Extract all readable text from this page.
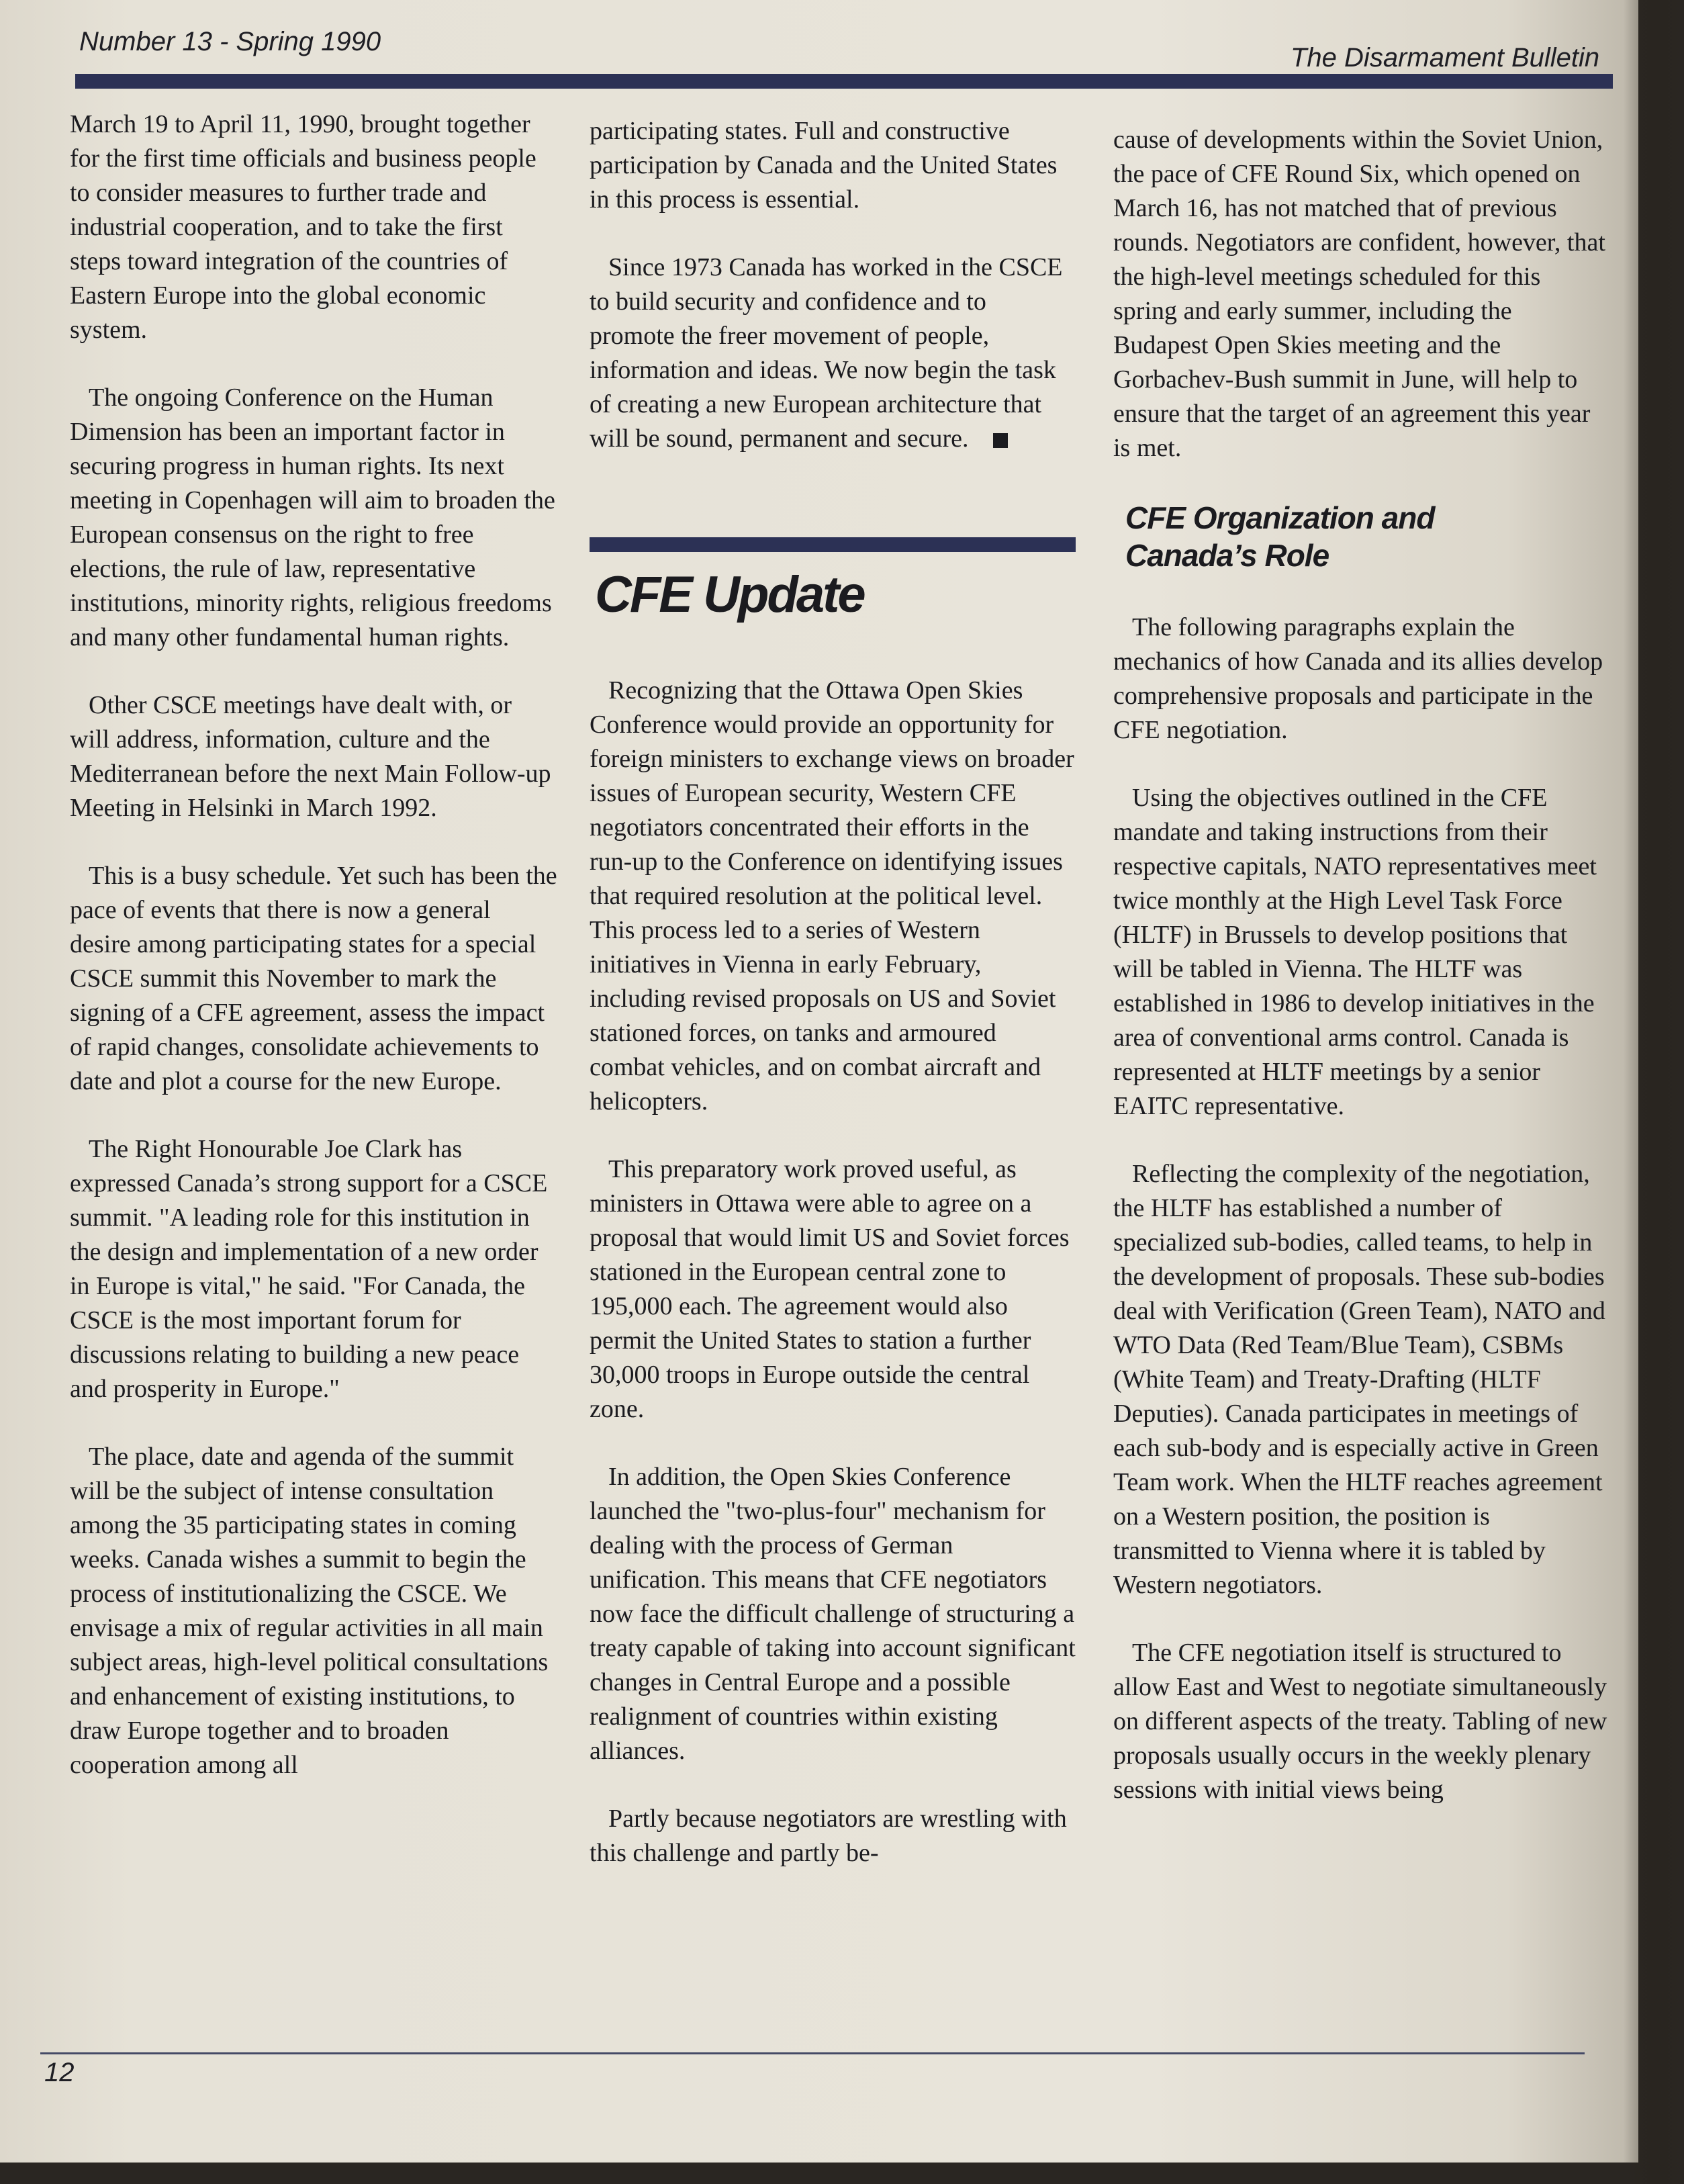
Number 13 - Spring 1990
The Disarmament Bulletin

March 19 to April 11, 1990, brought together for the first time officials and business people to consider measures to further trade and industrial cooperation, and to take the first steps toward integration of the countries of Eastern Europe into the global economic system.

The ongoing Conference on the Human Dimension has been an important factor in securing progress in human rights. Its next meeting in Copenhagen will aim to broaden the European consensus on the right to free elections, the rule of law, representative institutions, minority rights, religious freedoms and many other fundamental human rights.

Other CSCE meetings have dealt with, or will address, information, culture and the Mediterranean before the next Main Follow-up Meeting in Helsinki in March 1992.

This is a busy schedule. Yet such has been the pace of events that there is now a general desire among participating states for a special CSCE summit this November to mark the signing of a CFE agreement, assess the impact of rapid changes, consolidate achievements to date and plot a course for the new Europe.

The Right Honourable Joe Clark has expressed Canada’s strong support for a CSCE summit. "A leading role for this institution in the design and implementation of a new order in Europe is vital," he said. "For Canada, the CSCE is the most important forum for discussions relating to building a new peace and prosperity in Europe."

The place, date and agenda of the summit will be the subject of intense consultation among the 35 participating states in coming weeks. Canada wishes a summit to begin the process of institutionalizing the CSCE. We envisage a mix of regular activities in all main subject areas, high-level political consultations and enhancement of existing institutions, to draw Europe together and to broaden cooperation among all

participating states. Full and constructive participation by Canada and the United States in this process is essential.

Since 1973 Canada has worked in the CSCE to build security and confidence and to promote the freer movement of people, information and ideas. We now begin the task of creating a new European architecture that will be sound, permanent and secure.

CFE Update

Recognizing that the Ottawa Open Skies Conference would provide an opportunity for foreign ministers to exchange views on broader issues of European security, Western CFE negotiators concentrated their efforts in the run-up to the Conference on identifying issues that required resolution at the political level. This process led to a series of Western initiatives in Vienna in early February, including revised proposals on US and Soviet stationed forces, on tanks and armoured combat vehicles, and on combat aircraft and helicopters.

This preparatory work proved useful, as ministers in Ottawa were able to agree on a proposal that would limit US and Soviet forces stationed in the European central zone to 195,000 each. The agreement would also permit the United States to station a further 30,000 troops in Europe outside the central zone.

In addition, the Open Skies Conference launched the "two-plus-four" mechanism for dealing with the process of German unification. This means that CFE negotiators now face the difficult challenge of structuring a treaty capable of taking into account significant changes in Central Europe and a possible realignment of countries within existing alliances.

Partly because negotiators are wrestling with this challenge and partly be-

cause of developments within the Soviet Union, the pace of CFE Round Six, which opened on March 16, has not matched that of previous rounds. Negotiators are confident, however, that the high-level meetings scheduled for this spring and early summer, including the Budapest Open Skies meeting and the Gorbachev-Bush summit in June, will help to ensure that the target of an agreement this year is met.

CFE Organization and Canada’s Role

The following paragraphs explain the mechanics of how Canada and its allies develop comprehensive proposals and participate in the CFE negotiation.

Using the objectives outlined in the CFE mandate and taking instructions from their respective capitals, NATO representatives meet twice monthly at the High Level Task Force (HLTF) in Brussels to develop positions that will be tabled in Vienna. The HLTF was established in 1986 to develop initiatives in the area of conventional arms control. Canada is represented at HLTF meetings by a senior EAITC representative.

Reflecting the complexity of the negotiation, the HLTF has established a number of specialized sub-bodies, called teams, to help in the development of proposals. These sub-bodies deal with Verification (Green Team), NATO and WTO Data (Red Team/Blue Team), CSBMs (White Team) and Treaty-Drafting (HLTF Deputies). Canada participates in meetings of each sub-body and is especially active in Green Team work. When the HLTF reaches agreement on a Western position, the position is transmitted to Vienna where it is tabled by Western negotiators.

The CFE negotiation itself is structured to allow East and West to negotiate simultaneously on different aspects of the treaty. Tabling of new proposals usually occurs in the weekly plenary sessions with initial views being

12
